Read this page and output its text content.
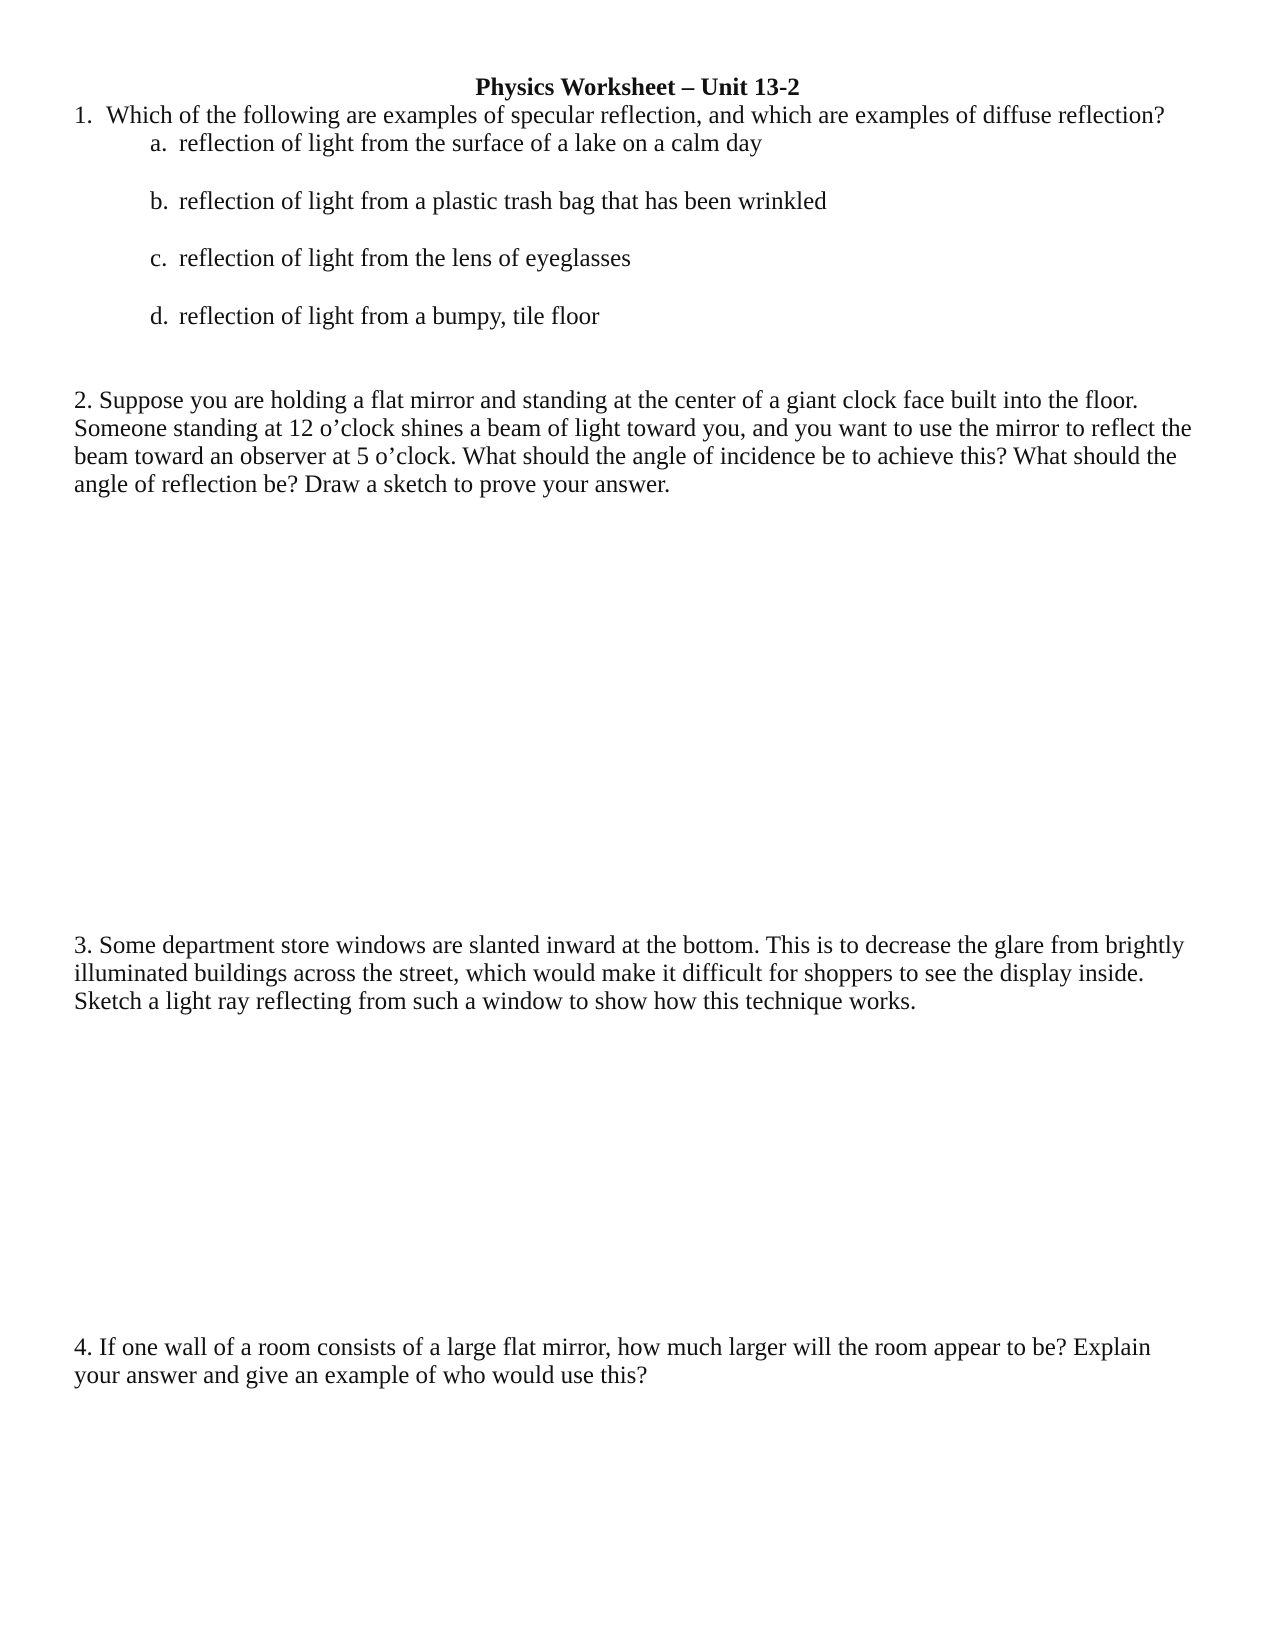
Physics Worksheet – Unit 13-2
1. Which of the following are examples of specular reflection, and which are examples of diffuse reflection?
a. reflection of light from the surface of a lake on a calm day
b. reflection of light from a plastic trash bag that has been wrinkled
c. reflection of light from the lens of eyeglasses
d. reflection of light from a bumpy, tile floor
2. Suppose you are holding a flat mirror and standing at the center of a giant clock face built into the floor.
Someone standing at 12 o’clock shines a beam of light toward you, and you want to use the mirror to reflect the
beam toward an observer at 5 o’clock. What should the angle of incidence be to achieve this? What should the
angle of reflection be? Draw a sketch to prove your answer.
3. Some department store windows are slanted inward at the bottom. This is to decrease the glare from brightly
illuminated buildings across the street, which would make it difficult for shoppers to see the display inside.
Sketch a light ray reflecting from such a window to show how this technique works.
4. If one wall of a room consists of a large flat mirror, how much larger will the room appear to be? Explain
your answer and give an example of who would use this?
